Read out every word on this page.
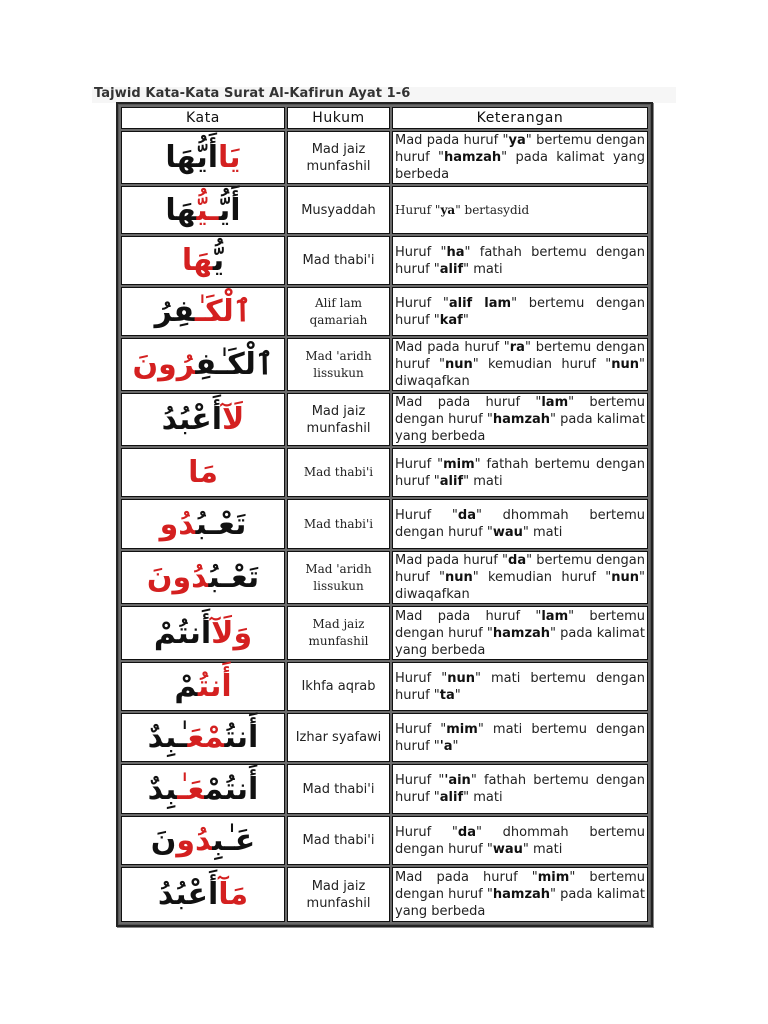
Tajwid Kata-Kata Surat Al-Kafirun Ayat 1-6
Kata	Hukum	Keterangan

يَاأَيُّهَا	Mad jaiz munfashil	Mad pada huruf "ya" bertemu dengan huruf "hamzah" pada kalimat yang berbeda

أَيُّـيُّهَا	Musyaddah	Huruf "ya" bertasydid

يُّهَا	Mad thabi'i	Huruf "ha" fathah bertemu dengan huruf "alif" mati

ٱلْكَـٰفِرُ	Alif lam qamariah	Huruf "alif lam" bertemu dengan huruf "kaf"

ٱلْكَـٰفِرُونَ	Mad 'aridh lissukun	Mad pada huruf "ra" bertemu dengan huruf "nun" kemudian huruf "nun" diwaqafkan

لَآأَعْبُدُ	Mad jaiz munfashil	Mad pada huruf "lam" bertemu dengan huruf "hamzah" pada kalimat yang berbeda

مَا	Mad thabi'i	Huruf "mim" fathah bertemu dengan huruf "alif" mati

تَعْـبُدُو	Mad thabi'i	Huruf "da" dhommah bertemu dengan huruf "wau" mati

تَعْـبُدُونَ	Mad 'aridh lissukun	Mad pada huruf "da" bertemu dengan huruf "nun" kemudian huruf "nun" diwaqafkan

وَلَآأَنتُمْ	Mad jaiz munfashil	Mad pada huruf "lam" bertemu dengan huruf "hamzah" pada kalimat yang berbeda

أَنتُمْ	Ikhfa aqrab	Huruf "nun" mati bertemu dengan huruf "ta"

أَنتُمْعَـٰبِدٌ	Izhar syafawi	Huruf "mim" mati bertemu dengan huruf "'a"

أَنتُمْعَـٰبِدٌ	Mad thabi'i	Huruf "'ain" fathah bertemu dengan huruf "alif" mati

عَـٰبِدُونَ	Mad thabi'i	Huruf "da" dhommah bertemu dengan huruf "wau" mati

مَآأَعْبُدُ	Mad jaiz munfashil	Mad pada huruf "mim" bertemu dengan huruf "hamzah" pada kalimat yang berbeda
